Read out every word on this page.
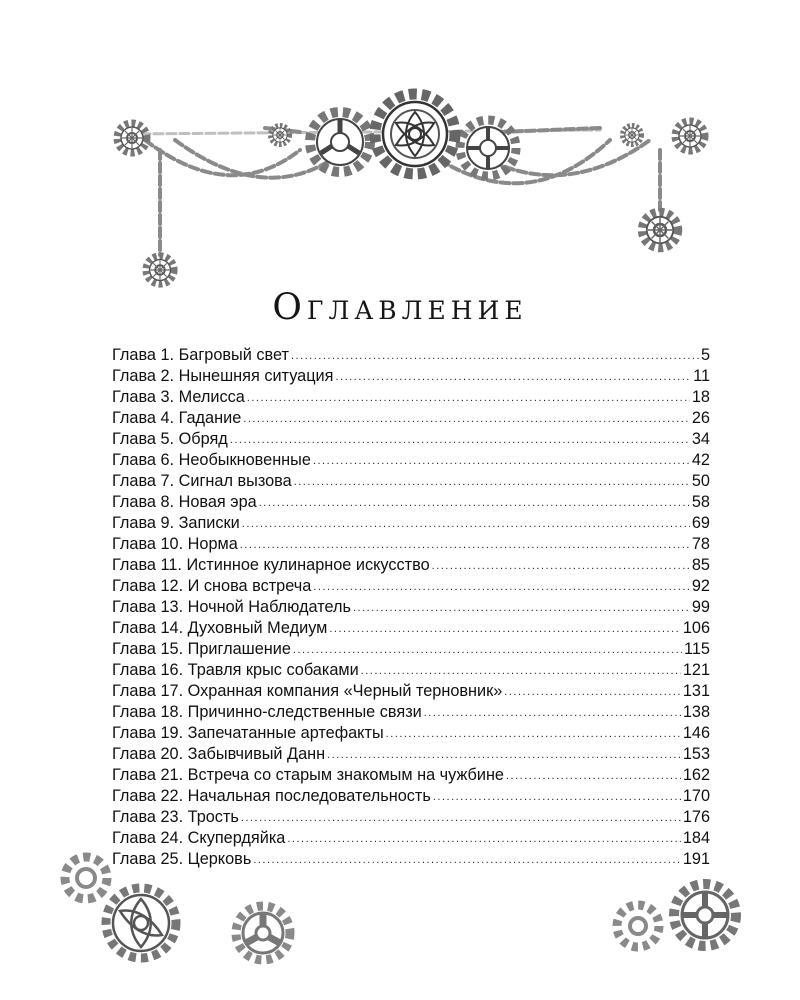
Оглавление
Глава 1. Багровый свет .....	5
Глава 2. Нынешняя ситуация .....	11
Глава 3. Мелисса .....	18
Глава 4. Гадание .....	26
Глава 5. Обряд .....	34
Глава 6. Необыкновенные .....	42
Глава 7. Сигнал вызова .....	50
Глава 8. Новая эра .....	58
Глава 9. Записки .....	69
Глава 10. Норма .....	78
Глава 11. Истинное кулинарное искусство .....	85
Глава 12. И снова встреча .....	92
Глава 13. Ночной Наблюдатель .....	99
Глава 14. Духовный Медиум .....	106
Глава 15. Приглашение .....	115
Глава 16. Травля крыс собаками .....	121
Глава 17. Охранная компания «Черный терновник» .....	131
Глава 18. Причинно-следственные связи .....	138
Глава 19. Запечатанные артефакты .....	146
Глава 20. Забывчивый Данн .....	153
Глава 21. Встреча со старым знакомым на чужбине .....	162
Глава 22. Начальная последовательность .....	170
Глава 23. Трость .....	176
Глава 24. Скупердяйка .....	184
Глава 25. Церковь .....	191
